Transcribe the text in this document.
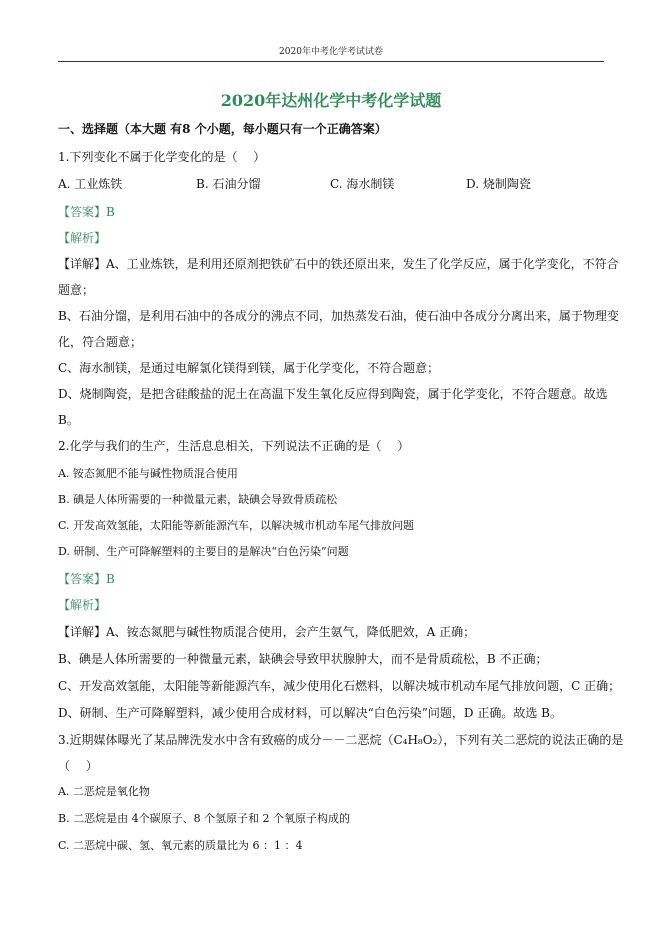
2020年中考化学考试试卷
2020年达州化学中考化学试题
一、选择题（本大题 有8 个小题，每小题只有一个正确答案）
1.下列变化不属于化学变化的是（　 ）
A. 工业炼铁	B. 石油分馏	C. 海水制镁	D. 烧制陶瓷
【答案】B
【解析】
【详解】A、工业炼铁，是利用还原剂把铁矿石中的铁还原出来，发生了化学反应，属于化学变化，不符合
题意；
B、石油分馏，是利用石油中的各成分的沸点不同，加热蒸发石油，使石油中各成分分离出来，属于物理变
化，符合题意；
C、海水制镁，是通过电解氯化镁得到镁，属于化学变化，不符合题意；
D、烧制陶瓷，是把含硅酸盐的泥土在高温下发生氧化反应得到陶瓷，属于化学变化，不符合题意。故选
B。
2.化学与我们的生产，生活息息相关，下列说法不正确的是（　 ）
A. 铵态氮肥不能与碱性物质混合使用
B. 碘是人体所需要的一种微量元素，缺碘会导致骨质疏松
C. 开发高效氢能，太阳能等新能源汽车，以解决城市机动车尾气排放问题
D. 研制、生产可降解塑料的主要目的是解决“白色污染”问题
【答案】B
【解析】
【详解】A、铵态氮肥与碱性物质混合使用，会产生氨气，降低肥效，A 正确；
B、碘是人体所需要的一种微量元素，缺碘会导致甲状腺肿大，而不是骨质疏松，B 不正确；
C、开发高效氢能，太阳能等新能源汽车，减少使用化石燃料，以解决城市机动车尾气排放问题，C 正确；
D、研制、生产可降解塑料，减少使用合成材料，可以解决“白色污染”问题，D 正确。故选 B。
3.近期媒体曝光了某品牌洗发水中含有致癌的成分－－二恶烷（C₄H₈O₂），下列有关二恶烷的说法正确的是
（　 ）
A. 二恶烷是氧化物
B. 二恶烷是由 4个碳原子、8 个氢原子和 2 个氧原子构成的
C. 二恶烷中碳、氢、氧元素的质量比为 6 ：1 ：4
